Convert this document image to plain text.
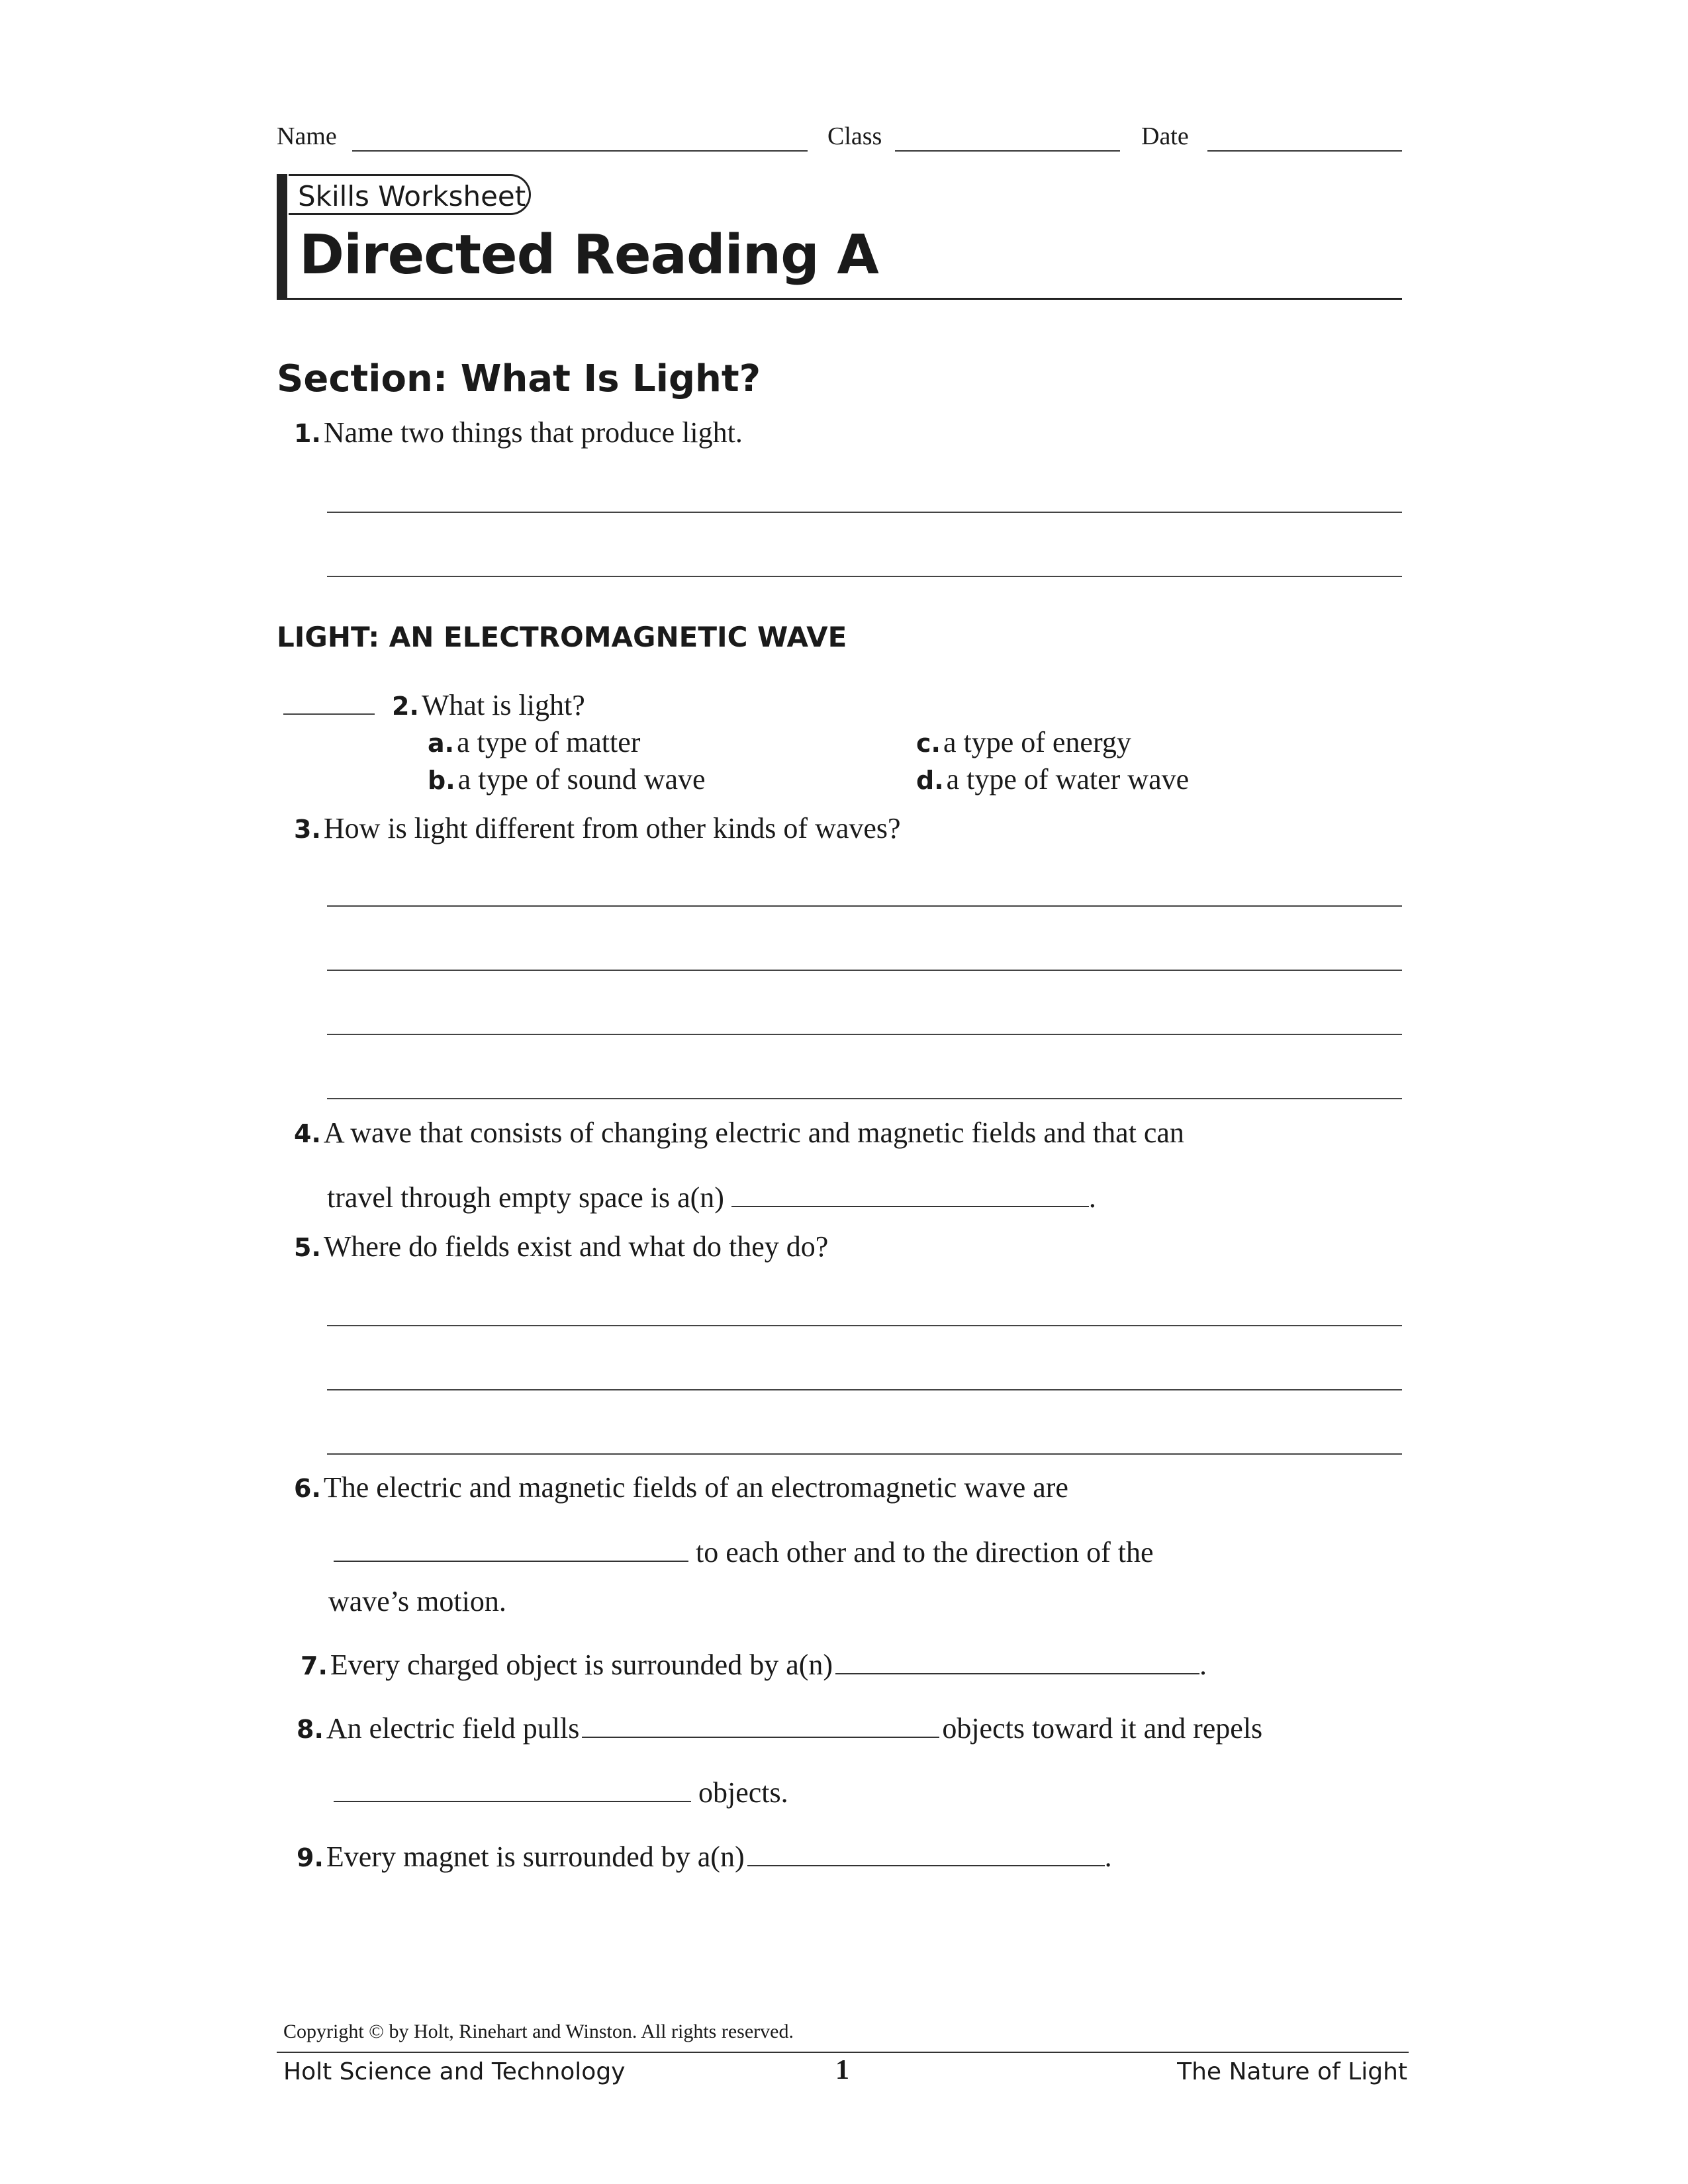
Name	Class	Date
Skills Worksheet
Directed Reading A
Section: What Is Light?
1. Name two things that produce light.
LIGHT: AN ELECTROMAGNETIC WAVE
2. What is light?
a. a type of matter
b. a type of sound wave
c. a type of energy
d. a type of water wave
3. How is light different from other kinds of waves?
4. A wave that consists of changing electric and magnetic fields and that can
travel through empty space is a(n)	.
5. Where do fields exist and what do they do?
6. The electric and magnetic fields of an electromagnetic wave are
to each other and to the direction of the
wave’s motion.
7. Every charged object is surrounded by a(n)	.
8. An electric field pulls	objects toward it and repels
objects.
9. Every magnet is surrounded by a(n)	.
Copyright © by Holt, Rinehart and Winston. All rights reserved.
Holt Science and Technology	1	The Nature of Light
